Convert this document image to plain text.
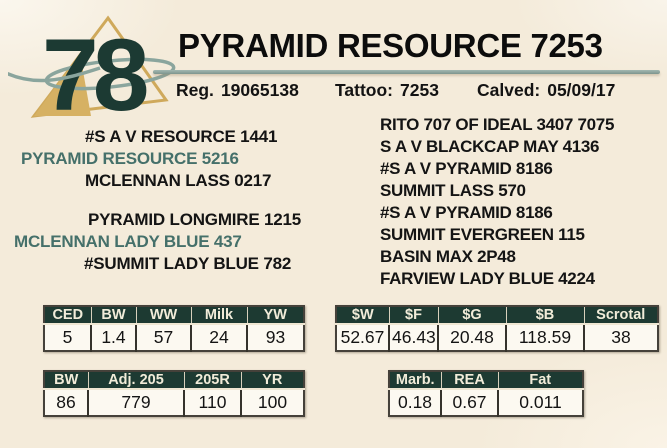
78 PYRAMID RESOURCE 7253
Reg. 19065138 Tattoo: 7253 Calved: 05/09/17
#S A V RESOURCE 1441
PYRAMID RESOURCE 5216
MCLENNAN LASS 0217
PYRAMID LONGMIRE 1215
MCLENNAN LADY BLUE 437
#SUMMIT LADY BLUE 782
RITO 707 OF IDEAL 3407 7075
S A V BLACKCAP MAY 4136
#S A V PYRAMID 8186
SUMMIT LASS 570
#S A V PYRAMID 8186
SUMMIT EVERGREEN 115
BASIN MAX 2P48
FARVIEW LADY BLUE 4224
CED	BW	WW	Milk	YW
5	1.4	57	24	93
BW	Adj. 205	205R	YR
86	779	110	100
$W	$F	$G	$B	Scrotal
52.67	46.43	20.48	118.59	38
Marb.	REA	Fat
0.18	0.67	0.011
